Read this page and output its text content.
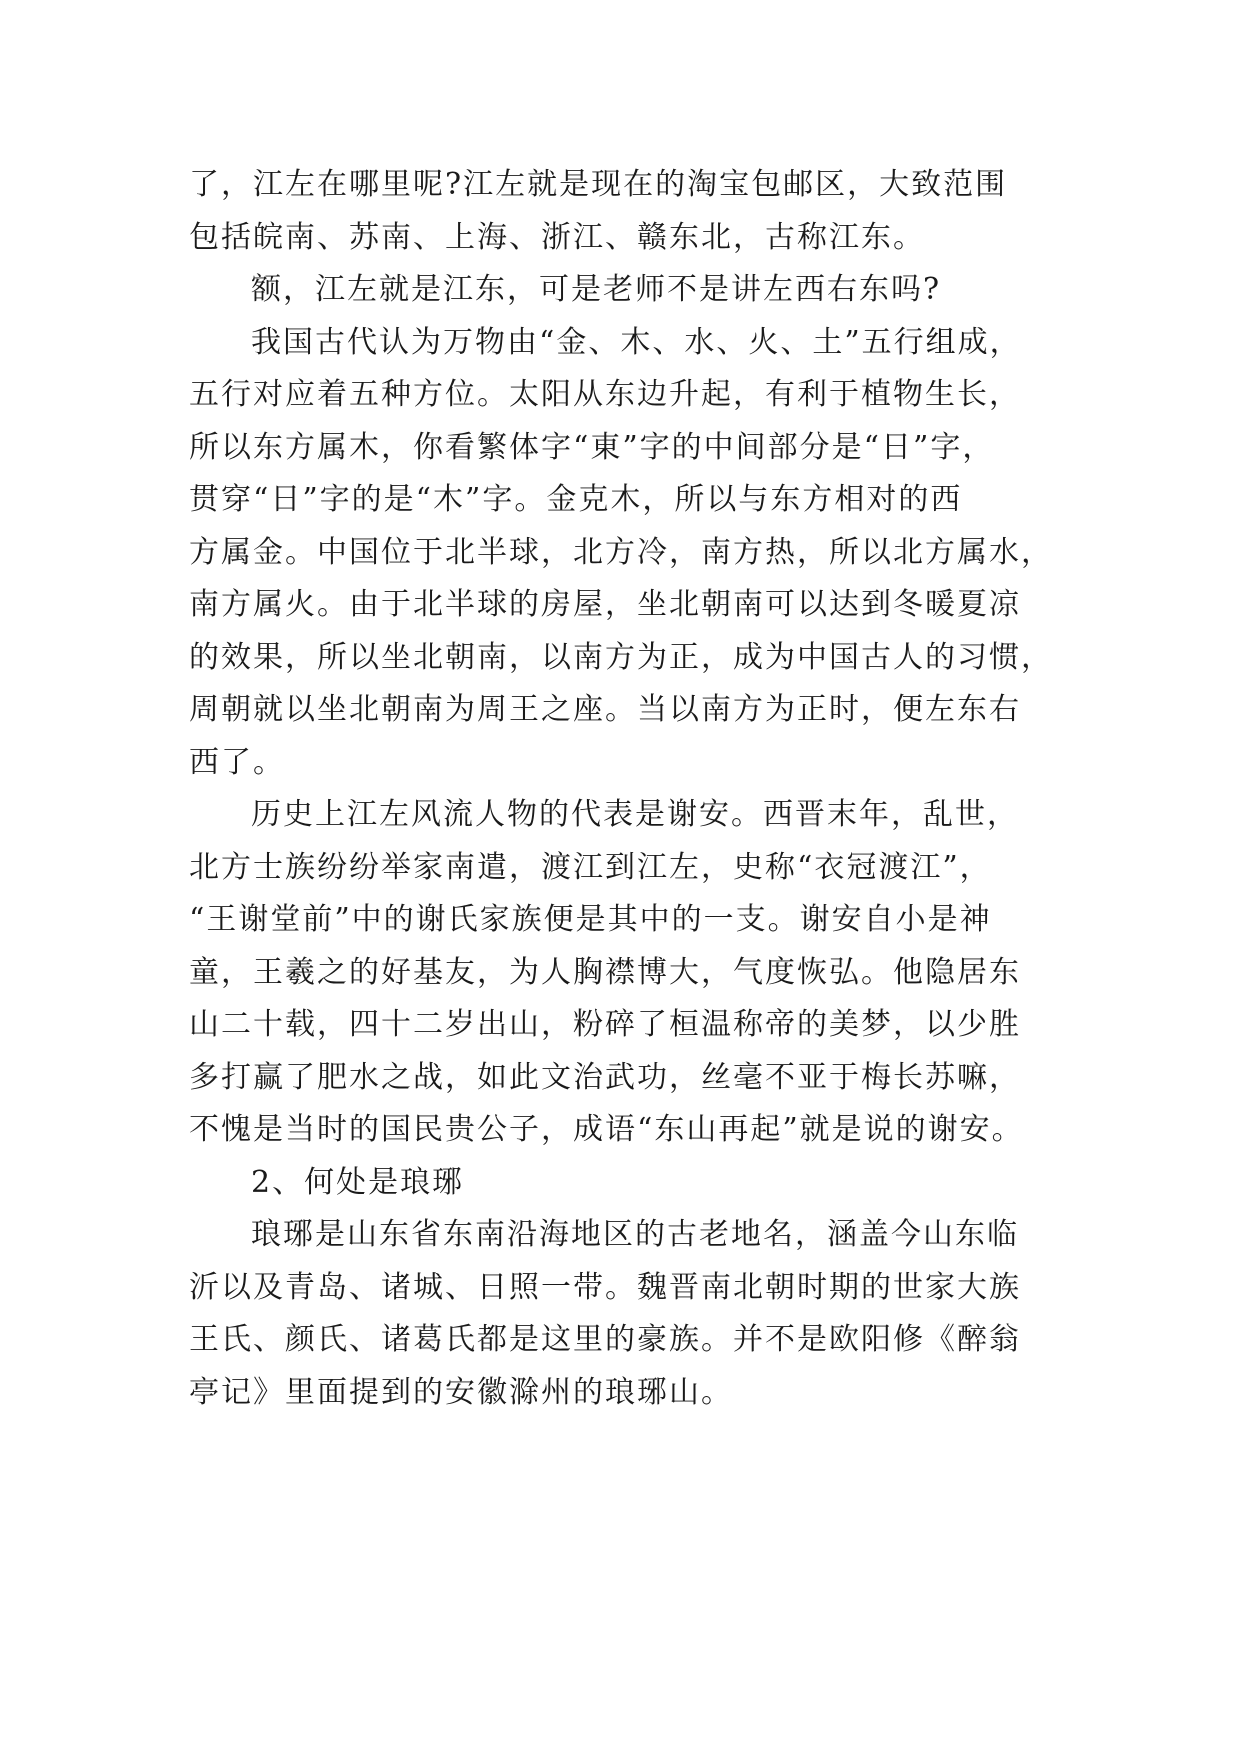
了，江左在哪里呢?江左就是现在的淘宝包邮区，大致范围
包括皖南、苏南、上海、浙江、赣东北，古称江东。
额，江左就是江东，可是老师不是讲左西右东吗?
我国古代认为万物由“金、木、水、火、土”五行组成，
五行对应着五种方位。太阳从东边升起，有利于植物生长，
所以东方属木，你看繁体字“東”字的中间部分是“日”字，
贯穿“日”字的是“木”字。金克木，所以与东方相对的西
方属金。中国位于北半球，北方冷，南方热，所以北方属水，
南方属火。由于北半球的房屋，坐北朝南可以达到冬暖夏凉
的效果，所以坐北朝南，以南方为正，成为中国古人的习惯，
周朝就以坐北朝南为周王之座。当以南方为正时，便左东右
西了。
历史上江左风流人物的代表是谢安。西晋末年，乱世，
北方士族纷纷举家南遣，渡江到江左，史称“衣冠渡江”，
“王谢堂前”中的谢氏家族便是其中的一支。谢安自小是神
童，王羲之的好基友，为人胸襟博大，气度恢弘。他隐居东
山二十载，四十二岁出山，粉碎了桓温称帝的美梦，以少胜
多打赢了肥水之战，如此文治武功，丝毫不亚于梅长苏嘛，
不愧是当时的国民贵公子，成语“东山再起”就是说的谢安。
2、何处是琅琊
琅琊是山东省东南沿海地区的古老地名，涵盖今山东临
沂以及青岛、诸城、日照一带。魏晋南北朝时期的世家大族
王氏、颜氏、诸葛氏都是这里的豪族。并不是欧阳修《醉翁
亭记》里面提到的安徽滁州的琅琊山。
